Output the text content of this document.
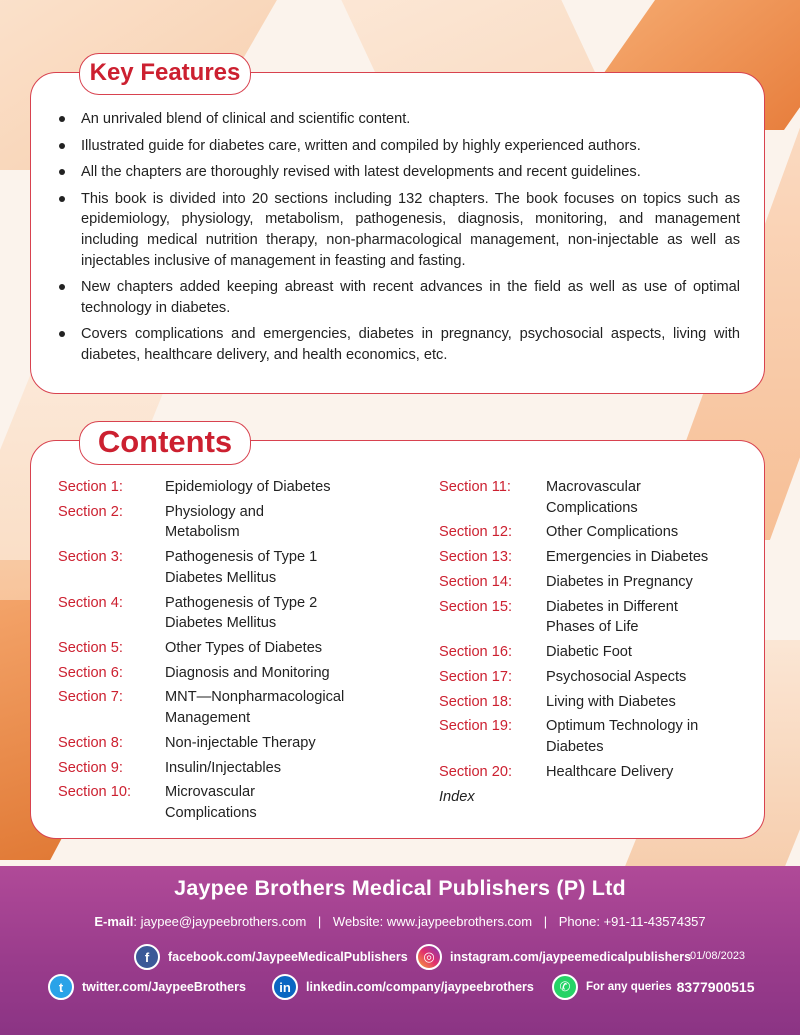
Key Features
An unrivaled blend of clinical and scientific content.
Illustrated guide for diabetes care, written and compiled by highly experienced authors.
All the chapters are thoroughly revised with latest developments and recent guidelines.
This book is divided into 20 sections including 132 chapters. The book focuses on topics such as epidemiology, physiology, metabolism, pathogenesis, diagnosis, monitoring, and management including medical nutrition therapy, non-pharmacological management, non-injectable as well as injectables inclusive of management in feasting and fasting.
New chapters added keeping abreast with recent advances in the field as well as use of optimal technology in diabetes.
Covers complications and emergencies, diabetes in pregnancy, psychosocial aspects, living with diabetes, healthcare delivery, and health economics, etc.
Contents
Section 1:	Epidemiology of Diabetes
Section 2:	Physiology and Metabolism
Section 3:	Pathogenesis of Type 1 Diabetes Mellitus
Section 4:	Pathogenesis of Type 2 Diabetes Mellitus
Section 5:	Other Types of Diabetes
Section 6:	Diagnosis and Monitoring
Section 7:	MNT—Nonpharmacological Management
Section 8:	Non-injectable Therapy
Section 9:	Insulin/Injectables
Section 10:	Microvascular Complications
Section 11:	Macrovascular Complications
Section 12:	Other Complications
Section 13:	Emergencies in Diabetes
Section 14:	Diabetes in Pregnancy
Section 15:	Diabetes in Different Phases of Life
Section 16:	Diabetic Foot
Section 17:	Psychosocial Aspects
Section 18:	Living with Diabetes
Section 19:	Optimum Technology in Diabetes
Section 20:	Healthcare Delivery
Index
Jaypee Brothers Medical Publishers (P) Ltd
E-mail: jaypee@jaypeebrothers.com | Website: www.jaypeebrothers.com | Phone: +91-11-43574357
f	facebook.com/JaypeeMedicalPublishers	◎	instagram.com/jaypeemedicalpublishers
01/08/2023
t	twitter.com/JaypeeBrothers	in	linkedin.com/company/jaypeebrothers	✆	For any queries 8377900515
